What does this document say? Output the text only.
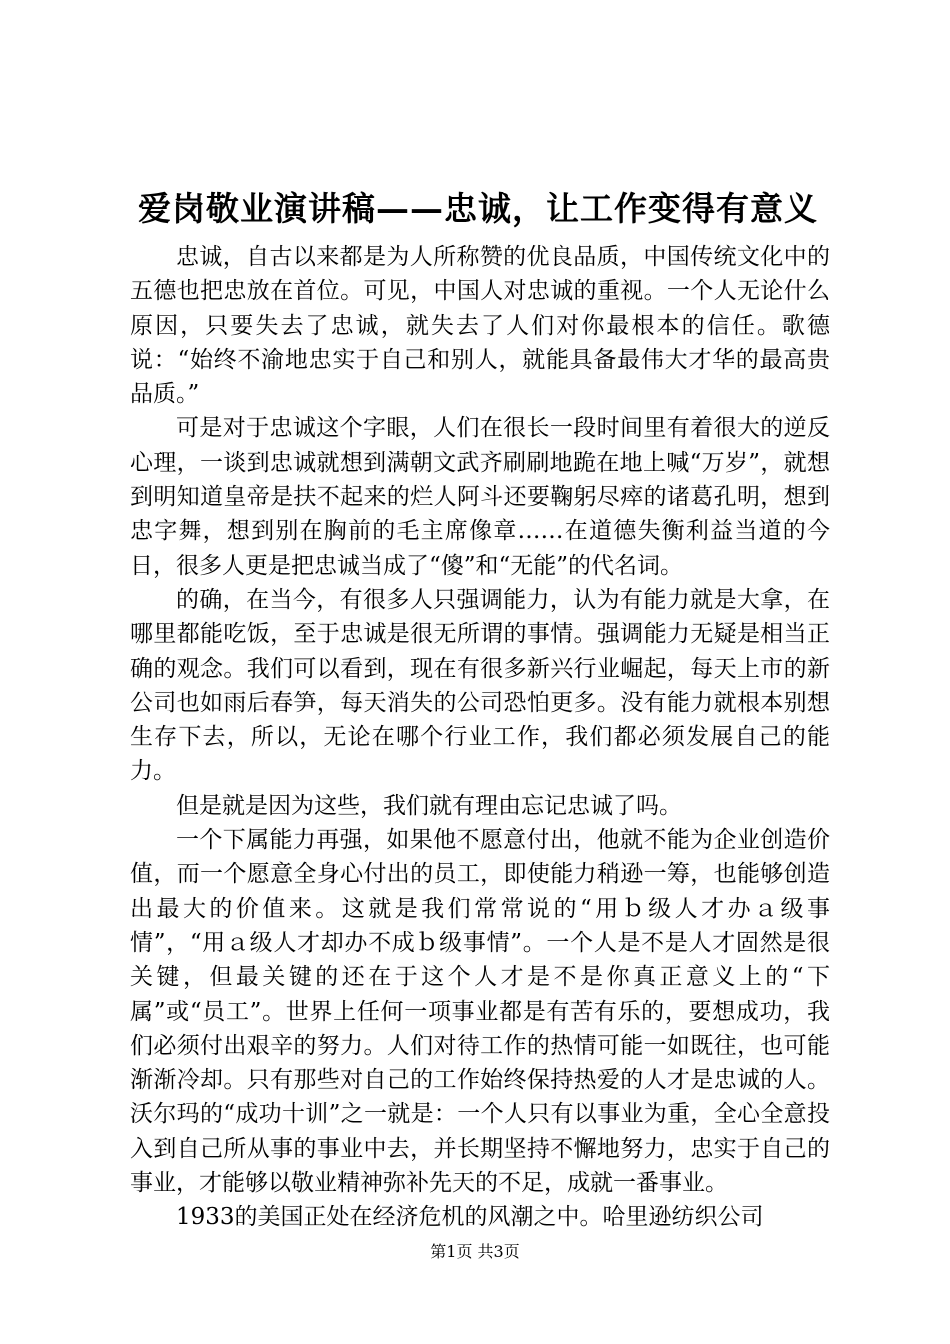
爱岗敬业演讲稿——忠诚，让工作变得有意义

忠诚，自古以来都是为人所称赞的优良品质，中国传统文化中的五德也把忠放在首位。可见，中国人对忠诚的重视。一个人无论什么原因，只要失去了忠诚，就失去了人们对你最根本的信任。歌德说：“始终不渝地忠实于自己和别人，就能具备最伟大才华的最高贵品质。”

可是对于忠诚这个字眼，人们在很长一段时间里有着很大的逆反心理，一谈到忠诚就想到满朝文武齐刷刷地跪在地上喊“万岁”，就想到明知道皇帝是扶不起来的烂人阿斗还要鞠躬尽瘁的诸葛孔明，想到忠字舞，想到别在胸前的毛主席像章……在道德失衡利益当道的今日，很多人更是把忠诚当成了“傻”和“无能”的代名词。

的确，在当今，有很多人只强调能力，认为有能力就是大拿，在哪里都能吃饭，至于忠诚是很无所谓的事情。强调能力无疑是相当正确的观念。我们可以看到，现在有很多新兴行业崛起，每天上市的新公司也如雨后春笋，每天消失的公司恐怕更多。没有能力就根本别想生存下去，所以，无论在哪个行业工作，我们都必须发展自己的能力。

但是就是因为这些，我们就有理由忘记忠诚了吗。

一个下属能力再强，如果他不愿意付出，他就不能为企业创造价值，而一个愿意全身心付出的员工，即使能力稍逊一筹，也能够创造出最大的价值来。这就是我们常常说的“用ｂ级人才办ａ级事情”，“用ａ级人才却办不成ｂ级事情”。一个人是不是人才固然是很关键，但最关键的还在于这个人才是不是你真正意义上的“下属”或“员工”。世界上任何一项事业都是有苦有乐的，要想成功，我们必须付出艰辛的努力。人们对待工作的热情可能一如既往，也可能渐渐冷却。只有那些对自己的工作始终保持热爱的人才是忠诚的人。沃尔玛的“成功十训”之一就是：一个人只有以事业为重，全心全意投入到自己所从事的事业中去，并长期坚持不懈地努力，忠实于自己的事业，才能够以敬业精神弥补先天的不足，成就一番事业。

1933的美国正处在经济危机的风潮之中。哈里逊纺织公司

第1页 共3页
